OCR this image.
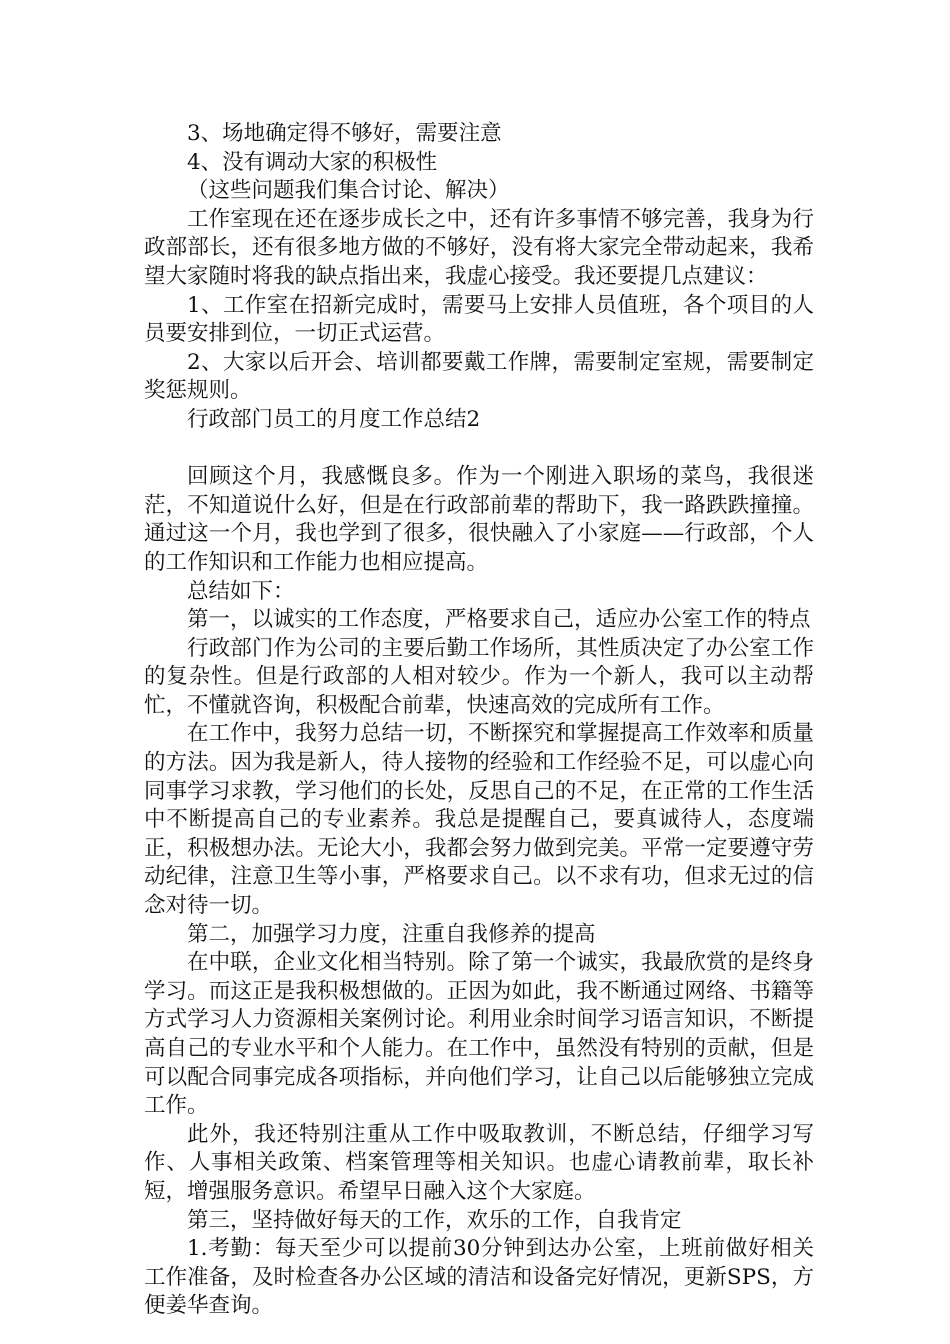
3、场地确定得不够好，需要注意

4、没有调动大家的积极性

（这些问题我们集合讨论、解决）

工作室现在还在逐步成长之中，还有许多事情不够完善，我身为行政部部长，还有很多地方做的不够好，没有将大家完全带动起来，我希望大家随时将我的缺点指出来，我虚心接受。我还要提几点建议：

1、工作室在招新完成时，需要马上安排人员值班，各个项目的人员要安排到位，一切正式运营。

2、大家以后开会、培训都要戴工作牌，需要制定室规，需要制定奖惩规则。

行政部门员工的月度工作总结2

回顾这个月，我感慨良多。作为一个刚进入职场的菜鸟，我很迷茫，不知道说什么好，但是在行政部前辈的帮助下，我一路跌跌撞撞。通过这一个月，我也学到了很多，很快融入了小家庭——行政部，个人的工作知识和工作能力也相应提高。

总结如下：

第一，以诚实的工作态度，严格要求自己，适应办公室工作的特点

行政部门作为公司的主要后勤工作场所，其性质决定了办公室工作的复杂性。但是行政部的人相对较少。作为一个新人，我可以主动帮忙，不懂就咨询，积极配合前辈，快速高效的完成所有工作。

在工作中，我努力总结一切，不断探究和掌握提高工作效率和质量的方法。因为我是新人，待人接物的经验和工作经验不足，可以虚心向同事学习求教，学习他们的长处，反思自己的不足，在正常的工作生活中不断提高自己的专业素养。我总是提醒自己，要真诚待人，态度端正，积极想办法。无论大小，我都会努力做到完美。平常一定要遵守劳动纪律，注意卫生等小事，严格要求自己。以不求有功，但求无过的信念对待一切。

第二，加强学习力度，注重自我修养的提高

在中联，企业文化相当特别。除了第一个诚实，我最欣赏的是终身学习。而这正是我积极想做的。正因为如此，我不断通过网络、书籍等方式学习人力资源相关案例讨论。利用业余时间学习语言知识，不断提高自己的专业水平和个人能力。在工作中，虽然没有特别的贡献，但是可以配合同事完成各项指标，并向他们学习，让自己以后能够独立完成工作。

此外，我还特别注重从工作中吸取教训，不断总结，仔细学习写作、人事相关政策、档案管理等相关知识。也虚心请教前辈，取长补短，增强服务意识。希望早日融入这个大家庭。

第三，坚持做好每天的工作，欢乐的工作，自我肯定

1.考勤：每天至少可以提前30分钟到达办公室，上班前做好相关工作准备，及时检查各办公区域的清洁和设备完好情况，更新SPS，方便姜华查询。
